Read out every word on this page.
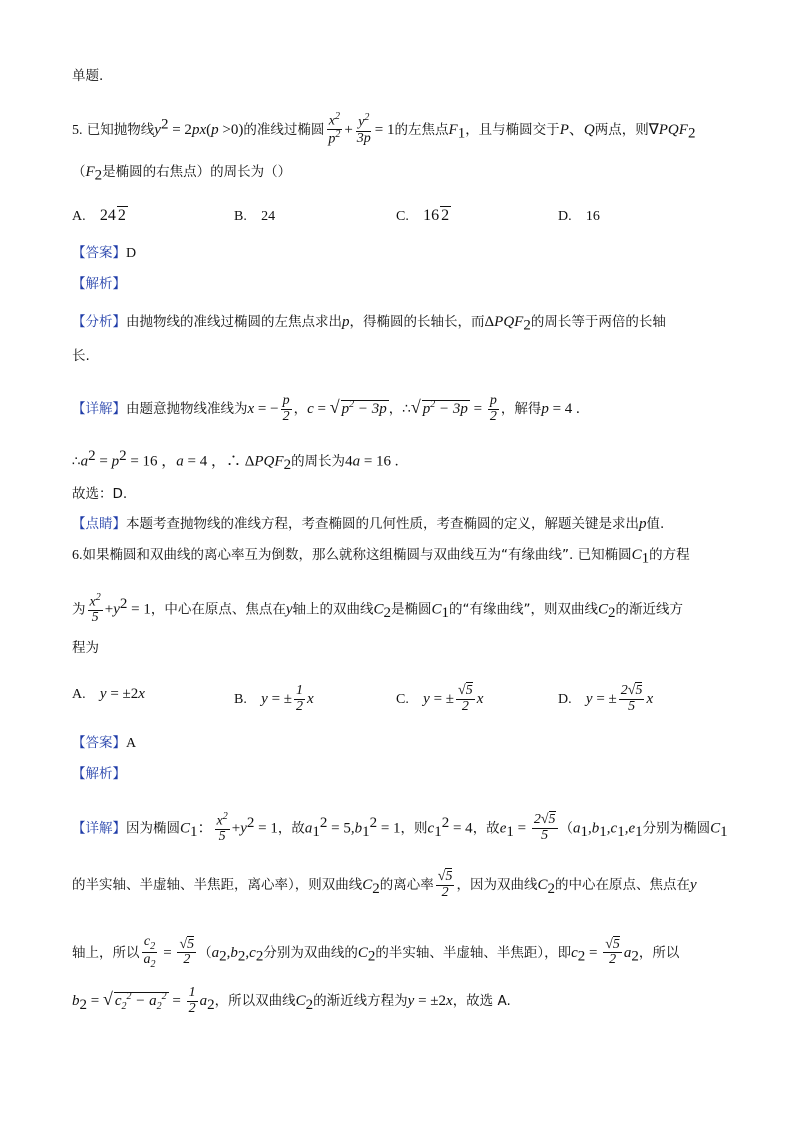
单题.
5. 已知抛物线$y^2 = 2px(p >0)$的准线过椭圆 $\frac{x^2}{p^2} + \frac{y^2}{3p} = 1$的左焦点$F_1$，且与椭圆交于P、Q两点，则$\nabla PQF_2$
（$F_2$是椭圆的右焦点）的周长为（）
A. 24 2	B. 24	C. 16 2	D. 16
【答案】D
【解析】
【分析】由抛物线的准线过椭圆的左焦点求出p，得椭圆的长轴长，而$\Delta PQF_2$的周长等于两倍的长轴
长.
【详解】由题意抛物线准线为x = − $\frac{p}{2}$ ，c = √ $p^2 - 3p$ ，∴√ $p^2 - 3p = \frac{p}{2}$ ，解得p = 4 .
$\therefore a^2 = p^2 = 16$ ，a = 4 ，∴ $\Delta PQF_2$的周长为4a = 16 .
故选：D.
【点睛】本题考查抛物线的准线方程，考查椭圆的几何性质，考查椭圆的定义，解题关键是求出p值.
6.如果椭圆和双曲线的离心率互为倒数，那么就称这组椭圆与双曲线互为“有缘曲线”. 已知椭圆$C_1$的方程
为 $\frac{x^2}{5} +y^2 = 1$，中心在原点、焦点在y轴上的双曲线$C_2$是椭圆$C_1$的“有缘曲线”，则双曲线$C_2$的渐近线方
程为
A. y = ±2x	B. y = ± $\frac{1}{2}$ x	C. y = ± $\frac{√5}{2}$ x	D. y = ± $\frac{2√5}{5}$ x
【答案】A
【解析】
【详解】因为椭圆$C_1$： $\frac{x^2}{5} +y^2 = 1$，故$a_1^2 = 5,b_1^2 = 1$，则$c_1^2 = 4$，故$e_1 = \frac{2√5}{5} (a_1,b_1,c_1,e_1$分别为椭圆$C_1$
的半实轴、半虚轴、半焦距，离心率），则双曲线$C_2$的离心率 $\frac{√5}{2}$ ，因为双曲线$C_2$的中心在原点、焦点在y
轴上，所以 $\frac{c_2}{a_2} = \frac{√5}{2} (a_2,b_2,c_2$分别为双曲线的$C_2$的半实轴、半虚轴、半焦距），即$c_2 = \frac{√5}{2} a_2$，所以
$b_2$ = √ $c_2^2 - a_2^2 = \frac{1}{2} a_2$，所以双曲线$C_2$的渐近线方程为y = ±2x，故选 A.
